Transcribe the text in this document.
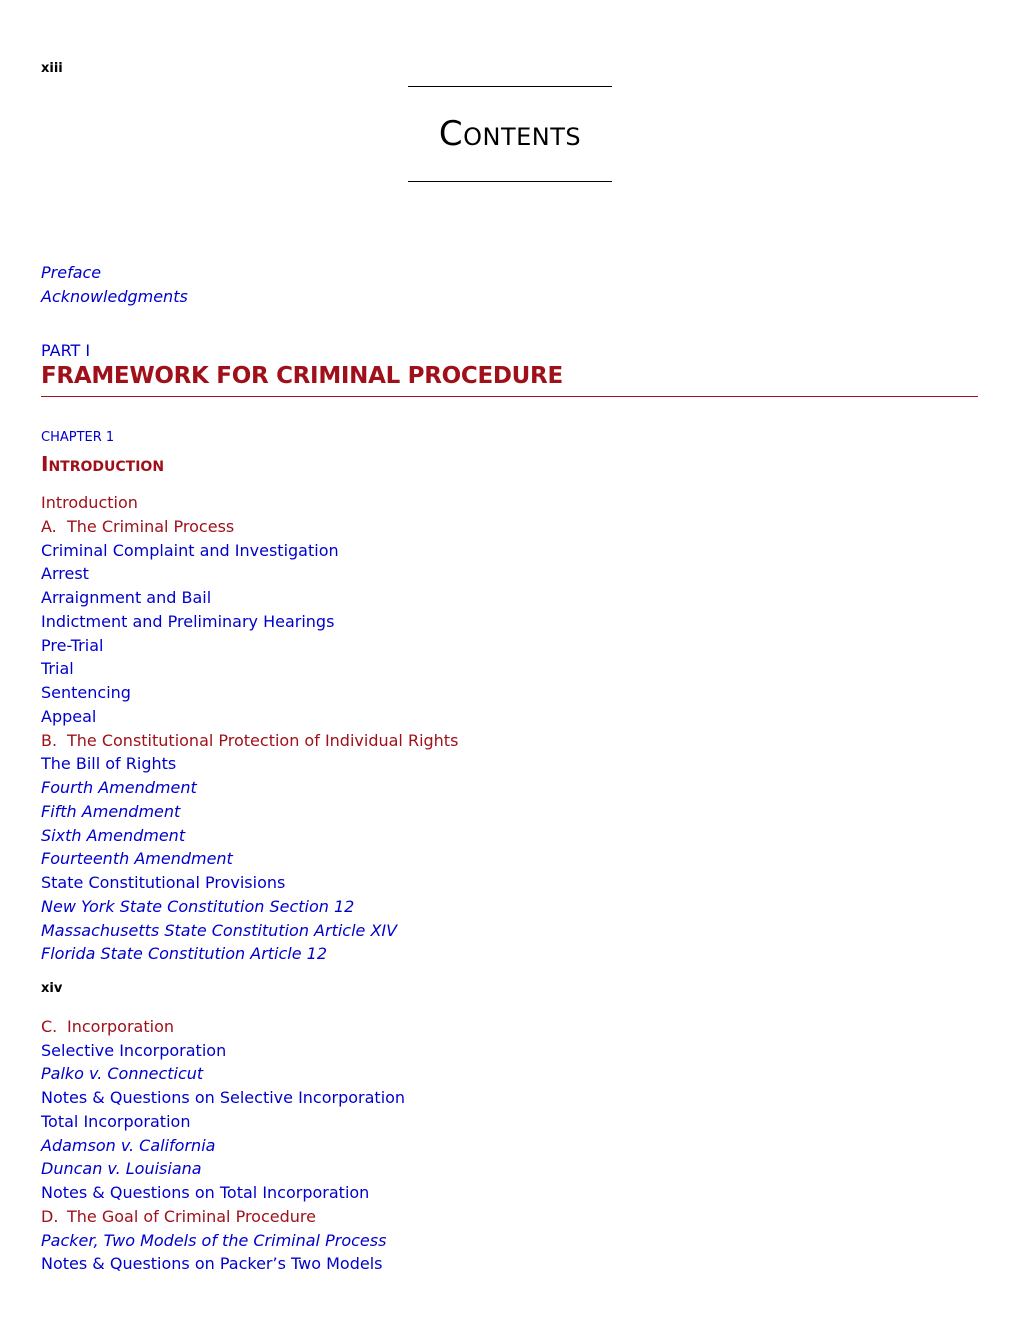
xiii
Contents
Preface
Acknowledgments
PART I
FRAMEWORK FOR CRIMINAL PROCEDURE
CHAPTER 1
Introduction
Introduction
A. The Criminal Process
Criminal Complaint and Investigation
Arrest
Arraignment and Bail
Indictment and Preliminary Hearings
Pre-Trial
Trial
Sentencing
Appeal
B. The Constitutional Protection of Individual Rights
The Bill of Rights
Fourth Amendment
Fifth Amendment
Sixth Amendment
Fourteenth Amendment
State Constitutional Provisions
New York State Constitution Section 12
Massachusetts State Constitution Article XIV
Florida State Constitution Article 12
xiv
C. Incorporation
Selective Incorporation
Palko v. Connecticut
Notes & Questions on Selective Incorporation
Total Incorporation
Adamson v. California
Duncan v. Louisiana
Notes & Questions on Total Incorporation
D. The Goal of Criminal Procedure
Packer, Two Models of the Criminal Process
Notes & Questions on Packer’s Two Models
